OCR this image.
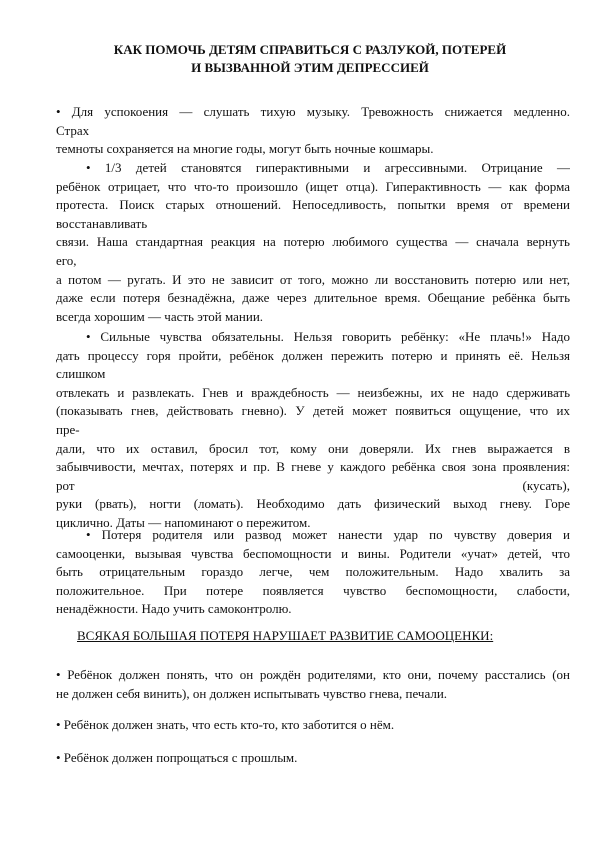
КАК ПОМОЧЬ ДЕТЯМ СПРАВИТЬСЯ С РАЗЛУКОЙ, ПОТЕРЕЙ
И ВЫЗВАННОЙ ЭТИМ ДЕПРЕССИЕЙ
• Для успокоения — слушать тихую музыку. Тревожность снижается медленно.
Страх
темноты сохраняется на многие годы, могут быть ночные кошмары.
• 1/3 детей становятся гиперактивными и агрессивными. Отрицание —
ребёнок отрицает, что что-то произошло (ищет отца). Гиперактивность — как форма
протеста. Поиск старых отношений. Непоседливость, попытки время от времени
восстанавливать
связи. Наша стандартная реакция на потерю любимого существа — сначала вернуть
его,
а потом — ругать. И это не зависит от того, можно ли восстановить потерю или нет,
даже если потеря безнадёжна, даже через длительное время. Обещание ребёнка быть
всегда хорошим — часть этой мании.
• Сильные чувства обязательны. Нельзя говорить ребёнку: «Не плачь!» Надо
дать процессу горя пройти, ребёнок должен пережить потерю и принять её. Нельзя
слишком
отвлекать и развлекать. Гнев и враждебность — неизбежны, их не надо сдерживать
(показывать гнев, действовать гневно). У детей может появиться ощущение, что их
пре-
дали, что их оставил, бросил тот, кому они доверяли. Их гнев выражается в
забывчивости, мечтах, потерях и пр. В гневе у каждого ребёнка своя зона проявления:
рот	(кусать),
руки (рвать), ногти (ломать). Необходимо дать физический выход гневу. Горе
циклично. Даты — напоминают о пережитом.
• Потеря родителя или развод может нанести удар по чувству доверия и
самооценки, вызывая чувства беспомощности и вины. Родители «учат» детей, что
быть отрицательным гораздо легче, чем положительным. Надо хвалить за
положительное. При потере появляется чувство беспомощности, слабости,
ненадёжности. Надо учить самоконтролю.
ВСЯКАЯ БОЛЬШАЯ ПОТЕРЯ НАРУШАЕТ РАЗВИТИЕ САМООЦЕНКИ:
• Ребёнок должен понять, что он рождён родителями, кто они, почему расстались (он
не должен себя винить), он должен испытывать чувство гнева, печали.
• Ребёнок должен знать, что есть кто-то, кто заботится о нём.
• Ребёнок должен попрощаться с прошлым.
